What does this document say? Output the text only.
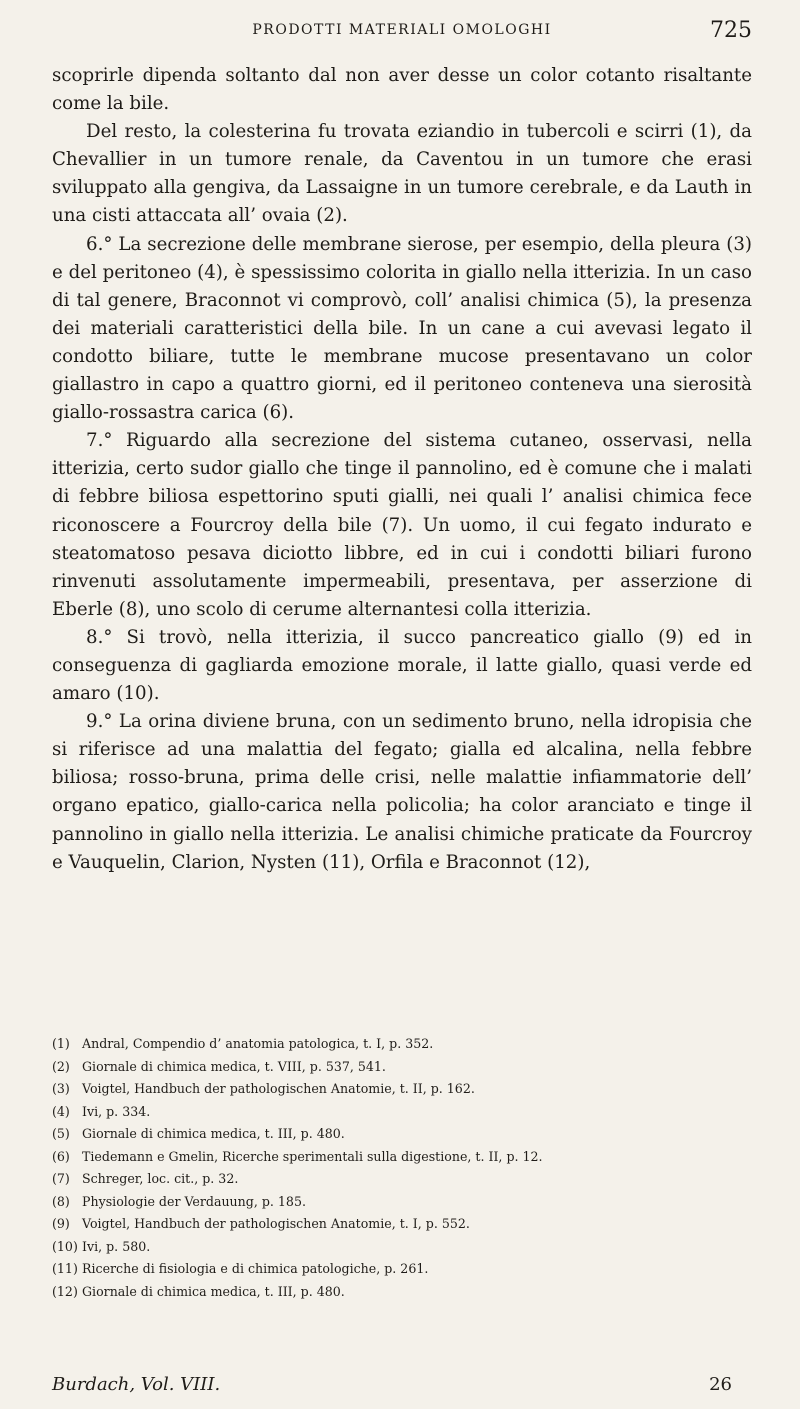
PRODOTTI MATERIALI OMOLOGHI	725

scoprirle dipenda soltanto dal non aver desse un color cotanto risaltante come la bile.

Del resto, la colesterina fu trovata eziandio in tubercoli e scirri (1), da Chevallier in un tumore renale, da Caventou in un tumore che erasi sviluppato alla gengiva, da Lassaigne in un tumore cerebrale, e da Lauth in una cisti attaccata all’ ovaia (2).

6.° La secrezione delle membrane sierose, per esempio, della pleura (3) e del peritoneo (4), è spessissimo colorita in giallo nella itterizia. In un caso di tal genere, Braconnot vi comprovò, coll’ analisi chimica (5), la presenza dei materiali caratteristici della bile. In un cane a cui avevasi legato il condotto biliare, tutte le membrane mucose presentavano un color giallastro in capo a quattro giorni, ed il peritoneo conteneva una sierosità giallo-rossastra carica (6).

7.° Riguardo alla secrezione del sistema cutaneo, osservasi, nella itterizia, certo sudor giallo che tinge il pannolino, ed è comune che i malati di febbre biliosa espettorino sputi gialli, nei quali l’ analisi chimica fece riconoscere a Fourcroy della bile (7). Un uomo, il cui fegato indurato e steatomatoso pesava diciotto libbre, ed in cui i condotti biliari furono rinvenuti assolutamente impermeabili, presentava, per asserzione di Eberle (8), uno scolo di cerume alternantesi colla itterizia.

8.° Si trovò, nella itterizia, il succo pancreatico giallo (9) ed in conseguenza di gagliarda emozione morale, il latte giallo, quasi verde ed amaro (10).

9.° La orina diviene bruna, con un sedimento bruno, nella idropisia che si riferisce ad una malattia del fegato; gialla ed alcalina, nella febbre biliosa; rosso-bruna, prima delle crisi, nelle malattie infiammatorie dell’ organo epatico, giallo-carica nella policolia; ha color aranciato e tinge il pannolino in giallo nella itterizia. Le analisi chimiche praticate da Fourcroy e Vauquelin, Clarion, Nysten (11), Orfila e Braconnot (12),

(1) Andral, Compendio d’ anatomia patologica, t. I, p. 352.
(2) Giornale di chimica medica, t. VIII, p. 537, 541.
(3) Voigtel, Handbuch der pathologischen Anatomie, t. II, p. 162.
(4) Ivi, p. 334.
(5) Giornale di chimica medica, t. III, p. 480.
(6) Tiedemann e Gmelin, Ricerche sperimentali sulla digestione, t. II, p. 12.
(7) Schreger, loc. cit., p. 32.
(8) Physiologie der Verdauung, p. 185.
(9) Voigtel, Handbuch der pathologischen Anatomie, t. I, p. 552.
(10) Ivi, p. 580.
(11) Ricerche di fisiologia e di chimica patologiche, p. 261.
(12) Giornale di chimica medica, t. III, p. 480.
Burdach, Vol. VIII.	26
